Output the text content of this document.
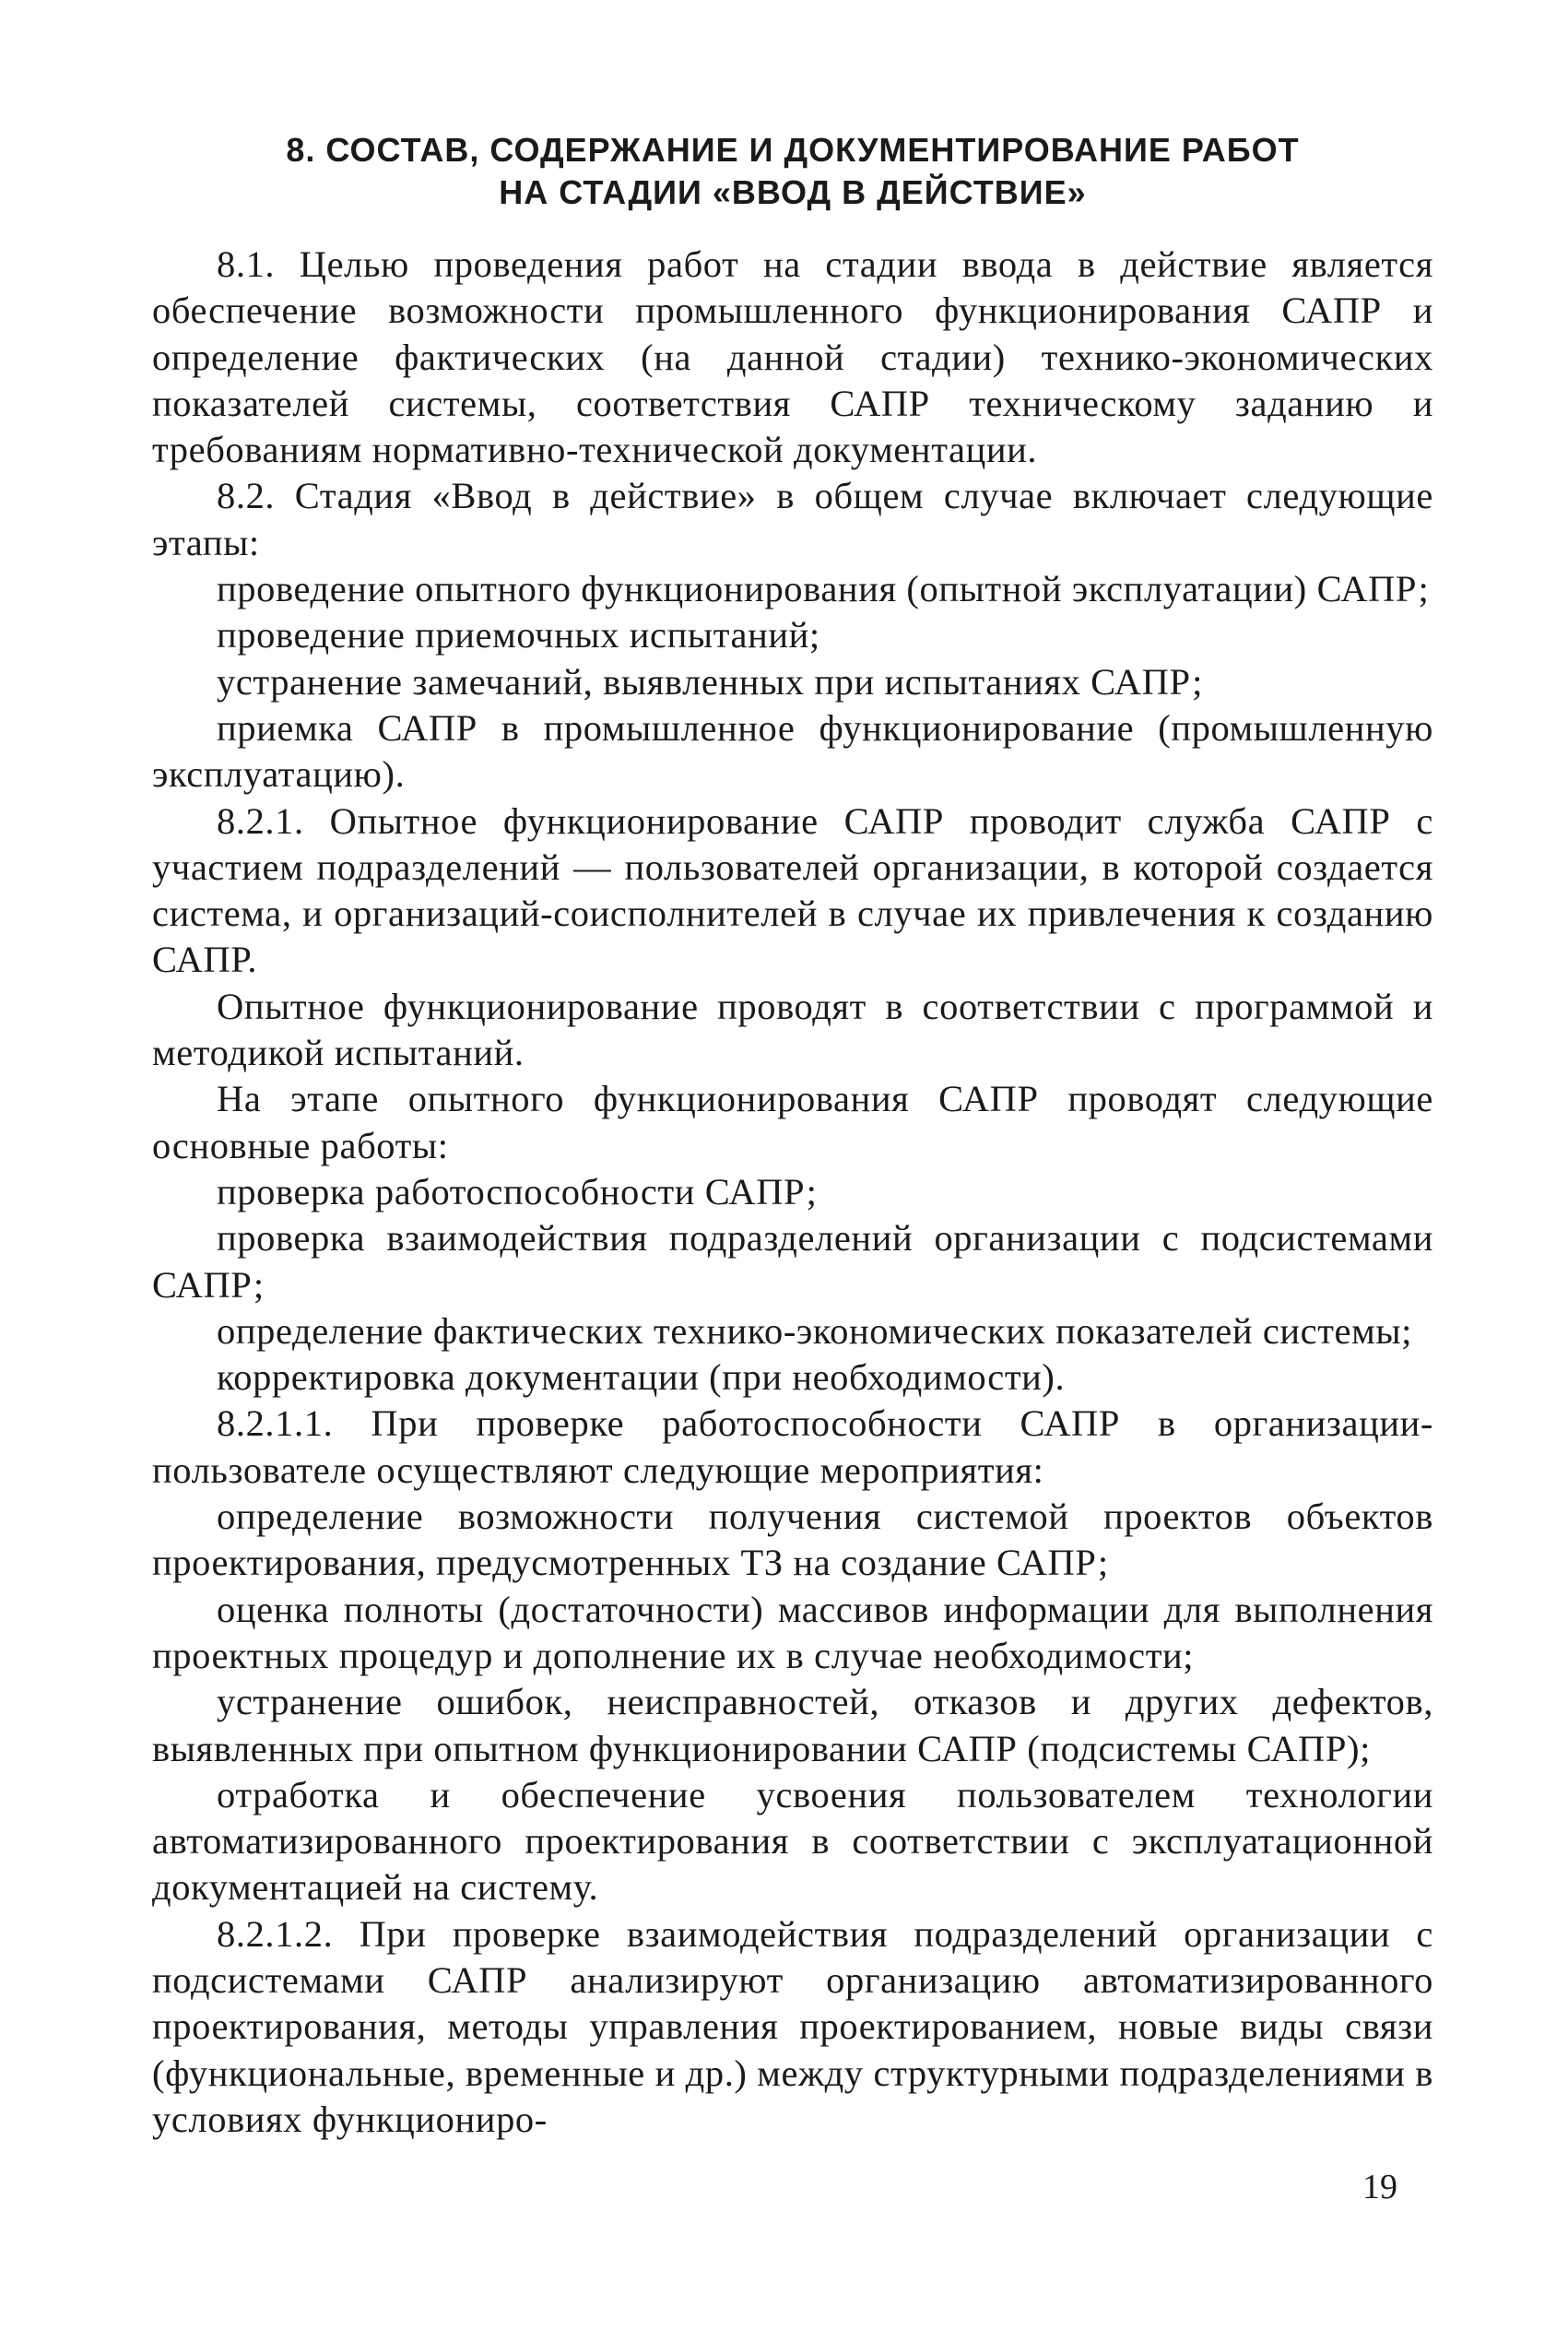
8. СОСТАВ, СОДЕРЖАНИЕ И ДОКУМЕНТИРОВАНИЕ РАБОТ
НА СТАДИИ «ВВОД В ДЕЙСТВИЕ»

8.1. Целью проведения работ на стадии ввода в действие является обеспечение возможности промышленного функционирования САПР и определение фактических (на данной стадии) технико-экономических показателей системы, соответствия САПР техническому заданию и требованиям нормативно-технической документации.

8.2. Стадия «Ввод в действие» в общем случае включает следующие этапы:

проведение опытного функционирования (опытной эксплуатации) САПР;

проведение приемочных испытаний;

устранение замечаний, выявленных при испытаниях САПР;

приемка САПР в промышленное функционирование (промышленную эксплуатацию).

8.2.1. Опытное функционирование САПР проводит служба САПР с участием подразделений — пользователей организации, в которой создается система, и организаций-соисполнителей в случае их привлечения к созданию САПР.

Опытное функционирование проводят в соответствии с программой и методикой испытаний.

На этапе опытного функционирования САПР проводят следующие основные работы:

проверка работоспособности САПР;

проверка взаимодействия подразделений организации с подсистемами САПР;

определение фактических технико-экономических показателей системы;

корректировка документации (при необходимости).

8.2.1.1. При проверке работоспособности САПР в организации-пользователе осуществляют следующие мероприятия:

определение возможности получения системой проектов объектов проектирования, предусмотренных ТЗ на создание САПР;

оценка полноты (достаточности) массивов информации для выполнения проектных процедур и дополнение их в случае необходимости;

устранение ошибок, неисправностей, отказов и других дефектов, выявленных при опытном функционировании САПР (подсистемы САПР);

отработка и обеспечение усвоения пользователем технологии автоматизированного проектирования в соответствии с эксплуатационной документацией на систему.

8.2.1.2. При проверке взаимодействия подразделений организации с подсистемами САПР анализируют организацию автоматизированного проектирования, методы управления проектированием, новые виды связи (функциональные, временные и др.) между структурными подразделениями в условиях функциониро-

19
